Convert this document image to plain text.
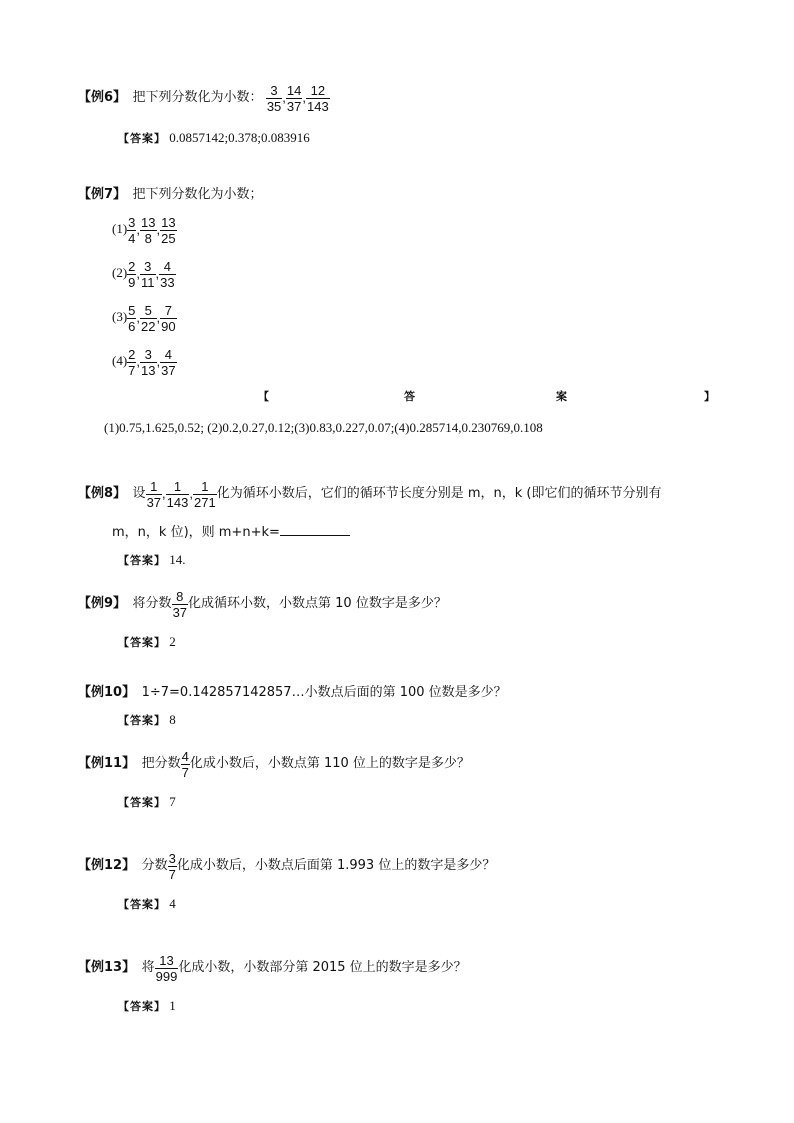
【例6】 把下列分数化为小数： $\frac{3}{35}$ , $\frac{14}{37}$ , $\frac{12}{143}$
【答案】 0.0857142;0.378;0.083916
【例7】 把下列分数化为小数；
$(1) \frac{3}{4}$ , $\frac{13}{8}$ , $\frac{13}{25}$
$(2) \frac{2}{9}$ , $\frac{3}{11}$ , $\frac{4}{33}$
$(3) \frac{5}{6}$ , $\frac{5}{22}$ , $\frac{7}{90}$
$(4) \frac{2}{7}$ , $\frac{3}{13}$ , $\frac{4}{37}$
【	答	案	】
(1)0.75,1.625,0.52; (2)0.2,0.27,0.12;(3)0.83,0.227,0.07;(4)0.285714,0.230769,0.108
【例8】 设 $\frac{1}{37}$ , $\frac{1}{143}$ , $\frac{1}{271}$ 化为循环小数后，它们的循环节长度分别是 m，n，k (即它们的循环节分别有
m，n，k 位)，则 m+n+k=
【答案】 14.
【例9】 将分数 $\frac{8}{37}$ 化成循环小数，小数点第 10 位数字是多少？
【答案】 2
【例10】 1÷7=0.142857142857…小数点后面的第 100 位数是多少？
【答案】 8
【例11】 把分数 $\frac{4}{7}$ 化成小数后，小数点第 110 位上的数字是多少？
【答案】 7
【例12】 分数 $\frac{3}{7}$ 化成小数后，小数点后面第 1.993 位上的数字是多少？
【答案】 4
【例13】 将 $\frac{13}{999}$ 化成小数，小数部分第 2015 位上的数字是多少？
【答案】 1
